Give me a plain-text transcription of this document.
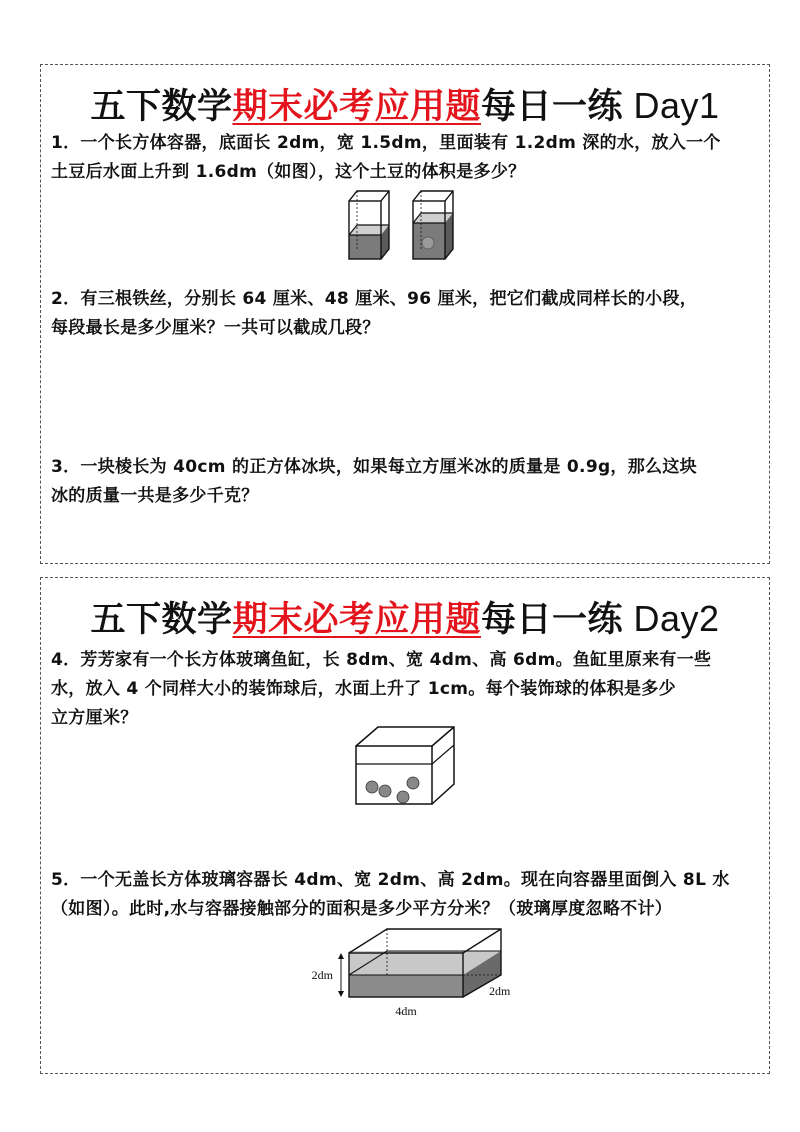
五下数学期末必考应用题每日一练 Day1
1．一个长方体容器，底面长 2dm，宽 1.5dm，里面装有 1.2dm 深的水，放入一个
土豆后水面上升到 1.6dm（如图），这个土豆的体积是多少？
2．有三根铁丝，分别长 64 厘米、48 厘米、96 厘米，把它们截成同样长的小段，
每段最长是多少厘米？一共可以截成几段？
3．一块棱长为 40cm 的正方体冰块，如果每立方厘米冰的质量是 0.9g，那么这块
冰的质量一共是多少千克？
五下数学期末必考应用题每日一练 Day2
4．芳芳家有一个长方体玻璃鱼缸，长 8dm、宽 4dm、高 6dm。鱼缸里原来有一些
水，放入 4 个同样大小的装饰球后，水面上升了 1cm。每个装饰球的体积是多少
立方厘米？
5．一个无盖长方体玻璃容器长 4dm、宽 2dm、高 2dm。现在向容器里面倒入 8L 水
（如图）。此时,水与容器接触部分的面积是多少平方分米？（玻璃厚度忽略不计）
2dm
2dm
4dm
